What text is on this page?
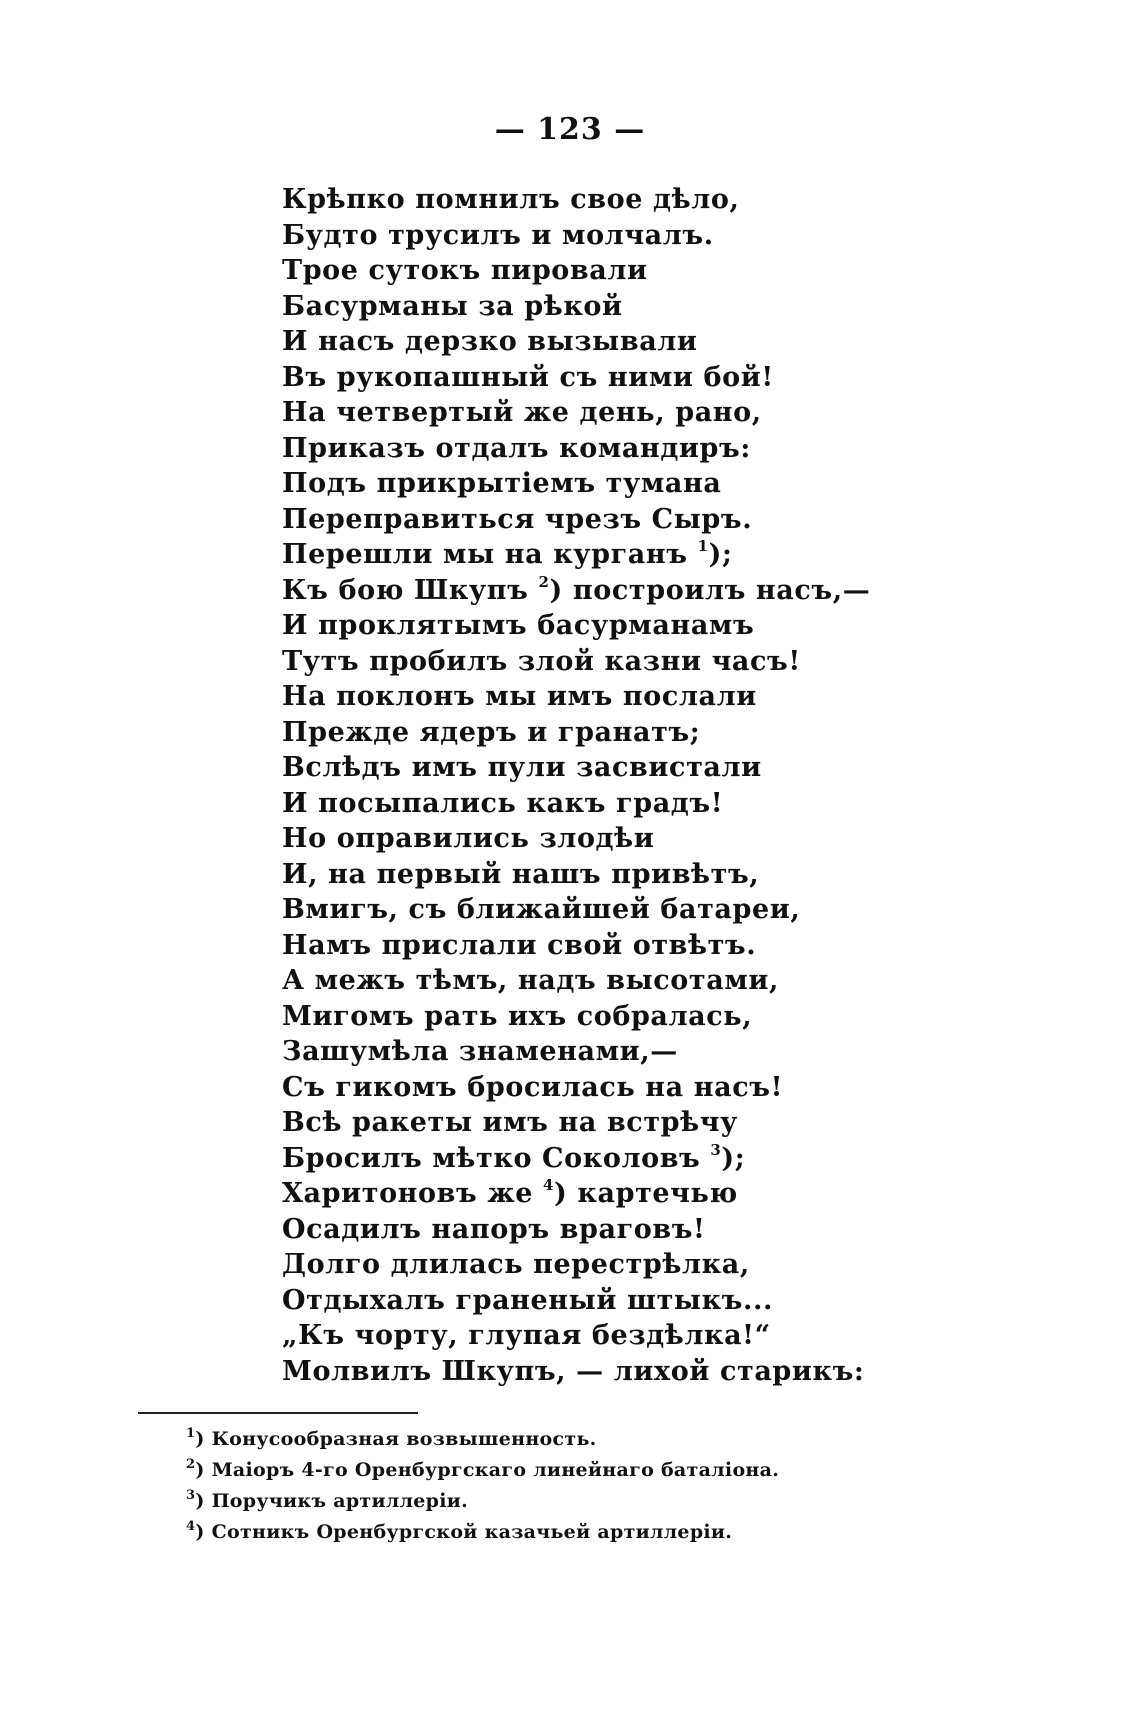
— 123 —
Крѣпко помнилъ свое дѣло,
Будто трусилъ и молчалъ.
Трое сутокъ пировали
Басурманы за рѣкой
И насъ дерзко вызывали
Въ рукопашный съ ними бой!
На четвертый же день, рано,
Приказъ отдалъ командиръ:
Подъ прикрытіемъ тумана
Переправиться чрезъ Сыръ.
Перешли мы на курганъ $^1$);
Къ бою Шкупъ $^2$) построилъ насъ,—
И проклятымъ басурманамъ
Тутъ пробилъ злой казни часъ!
На поклонъ мы имъ послали
Прежде ядеръ и гранатъ;
Вслѣдъ имъ пули засвистали
И посыпались какъ градъ!
Но оправились злодѣи
И, на первый нашъ привѣтъ,
Вмигъ, съ ближайшей батареи,
Намъ прислали свой отвѣтъ.
А межъ тѣмъ, надъ высотами,
Мигомъ рать ихъ собралась,
Зашумѣла знаменами,—
Съ гикомъ бросилась на насъ!
Всѣ ракеты имъ на встрѣчу
Бросилъ мѣтко Соколовъ $^3$);
Харитоновъ же $^4$) картечью
Осадилъ напоръ враговъ!
Долго длилась перестрѣлка,
Отдыхалъ граненый штыкъ...
„Къ чорту, глупая бездѣлка!“
Молвилъ Шкупъ, — лихой старикъ:
$^1$) Конусообразная возвышенность.
$^2$) Маіоръ 4-го Оренбургскаго линейнаго баталіона.
$^3$) Поручикъ артиллеріи.
$^4$) Сотникъ Оренбургской казачьей артиллеріи.
